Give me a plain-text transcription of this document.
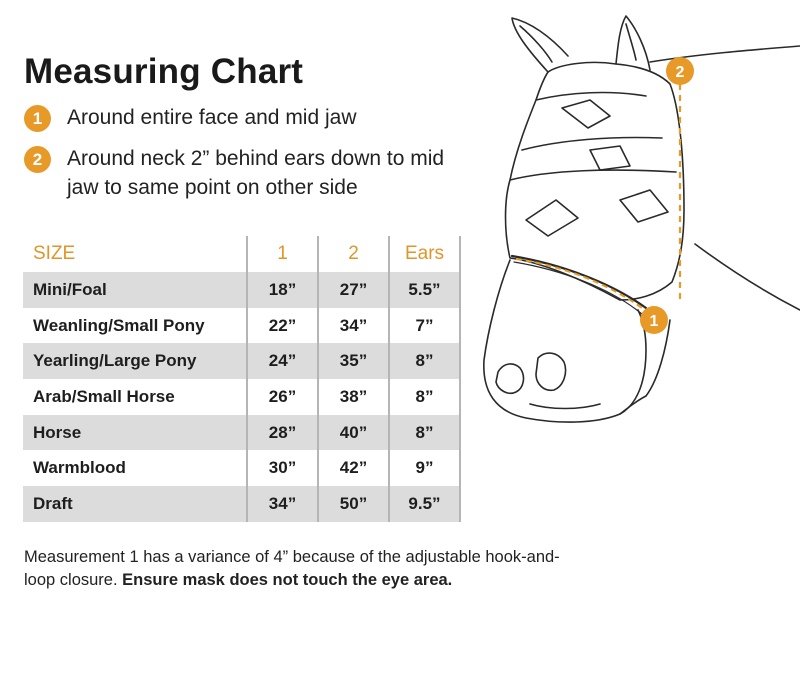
Measuring Chart
1	Around entire face and mid jaw
2	Around neck 2” behind ears down to mid jaw to same point on other side
SIZE	1	2	Ears
Mini/Foal	18”	27”	5.5”
Weanling/Small Pony	22”	34”	7”
Yearling/Large Pony	24”	35”	8”
Arab/Small Horse	26”	38”	8”
Horse	28”	40”	8”
Warmblood	30”	42”	9”
Draft	34”	50”	9.5”
Measurement 1 has a variance of 4” because of the adjustable hook-and-loop closure. Ensure mask does not touch the eye area.
2
1
